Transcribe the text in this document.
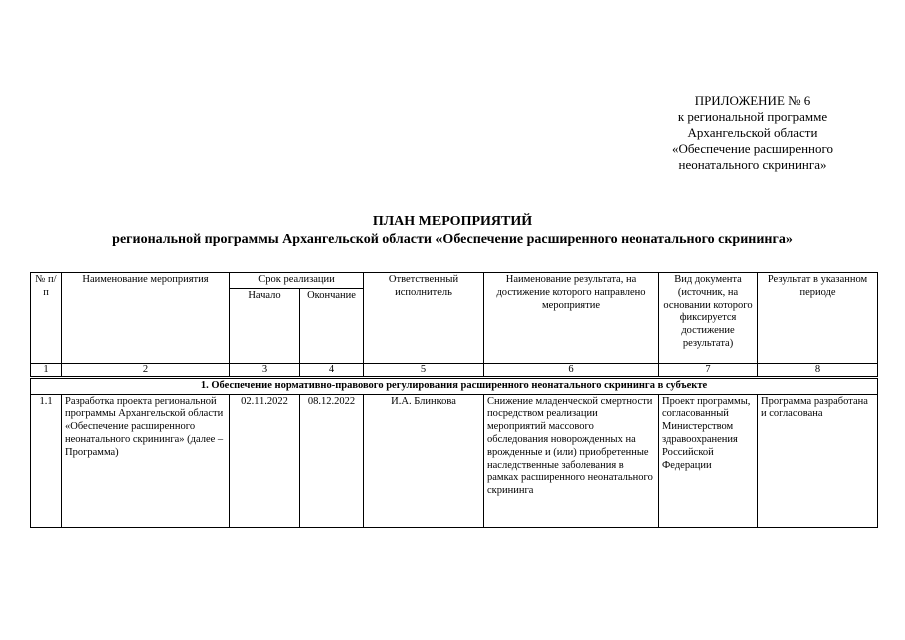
ПРИЛОЖЕНИЕ № 6
к региональной программе
Архангельской области
«Обеспечение расширенного
неонатального скрининга»
ПЛАН МЕРОПРИЯТИЙ
региональной программы Архангельской области «Обеспечение расширенного неонатального скрининга»
№ п/п	Наименование мероприятия	Срок реализации		Ответственный исполнитель	Наименование результата, на достижение которого направлено мероприятие	Вид документа (источник, на основании которого фиксируется достижение результата)	Результат в указанном периоде
		Начало	Окончание				
1	2	3	4	5	6	7	8
1. Обеспечение нормативно-правового регулирования расширенного неонатального скрининга в субъекте							
1.1	Разработка проекта региональной программы Архангельской области «Обеспечение расширенного неонатального скрининга» (далее – Программа)	02.11.2022	08.12.2022	И.А. Блинкова	Снижение младенческой смертности посредством реализации мероприятий массового обследования новорожденных на врожденные и (или) приобретенные наследственные заболевания в рамках расширенного неонатального скрининга	Проект программы, согласованный Министерством здравоохранения Российской Федерации	Программа разработана и согласована
